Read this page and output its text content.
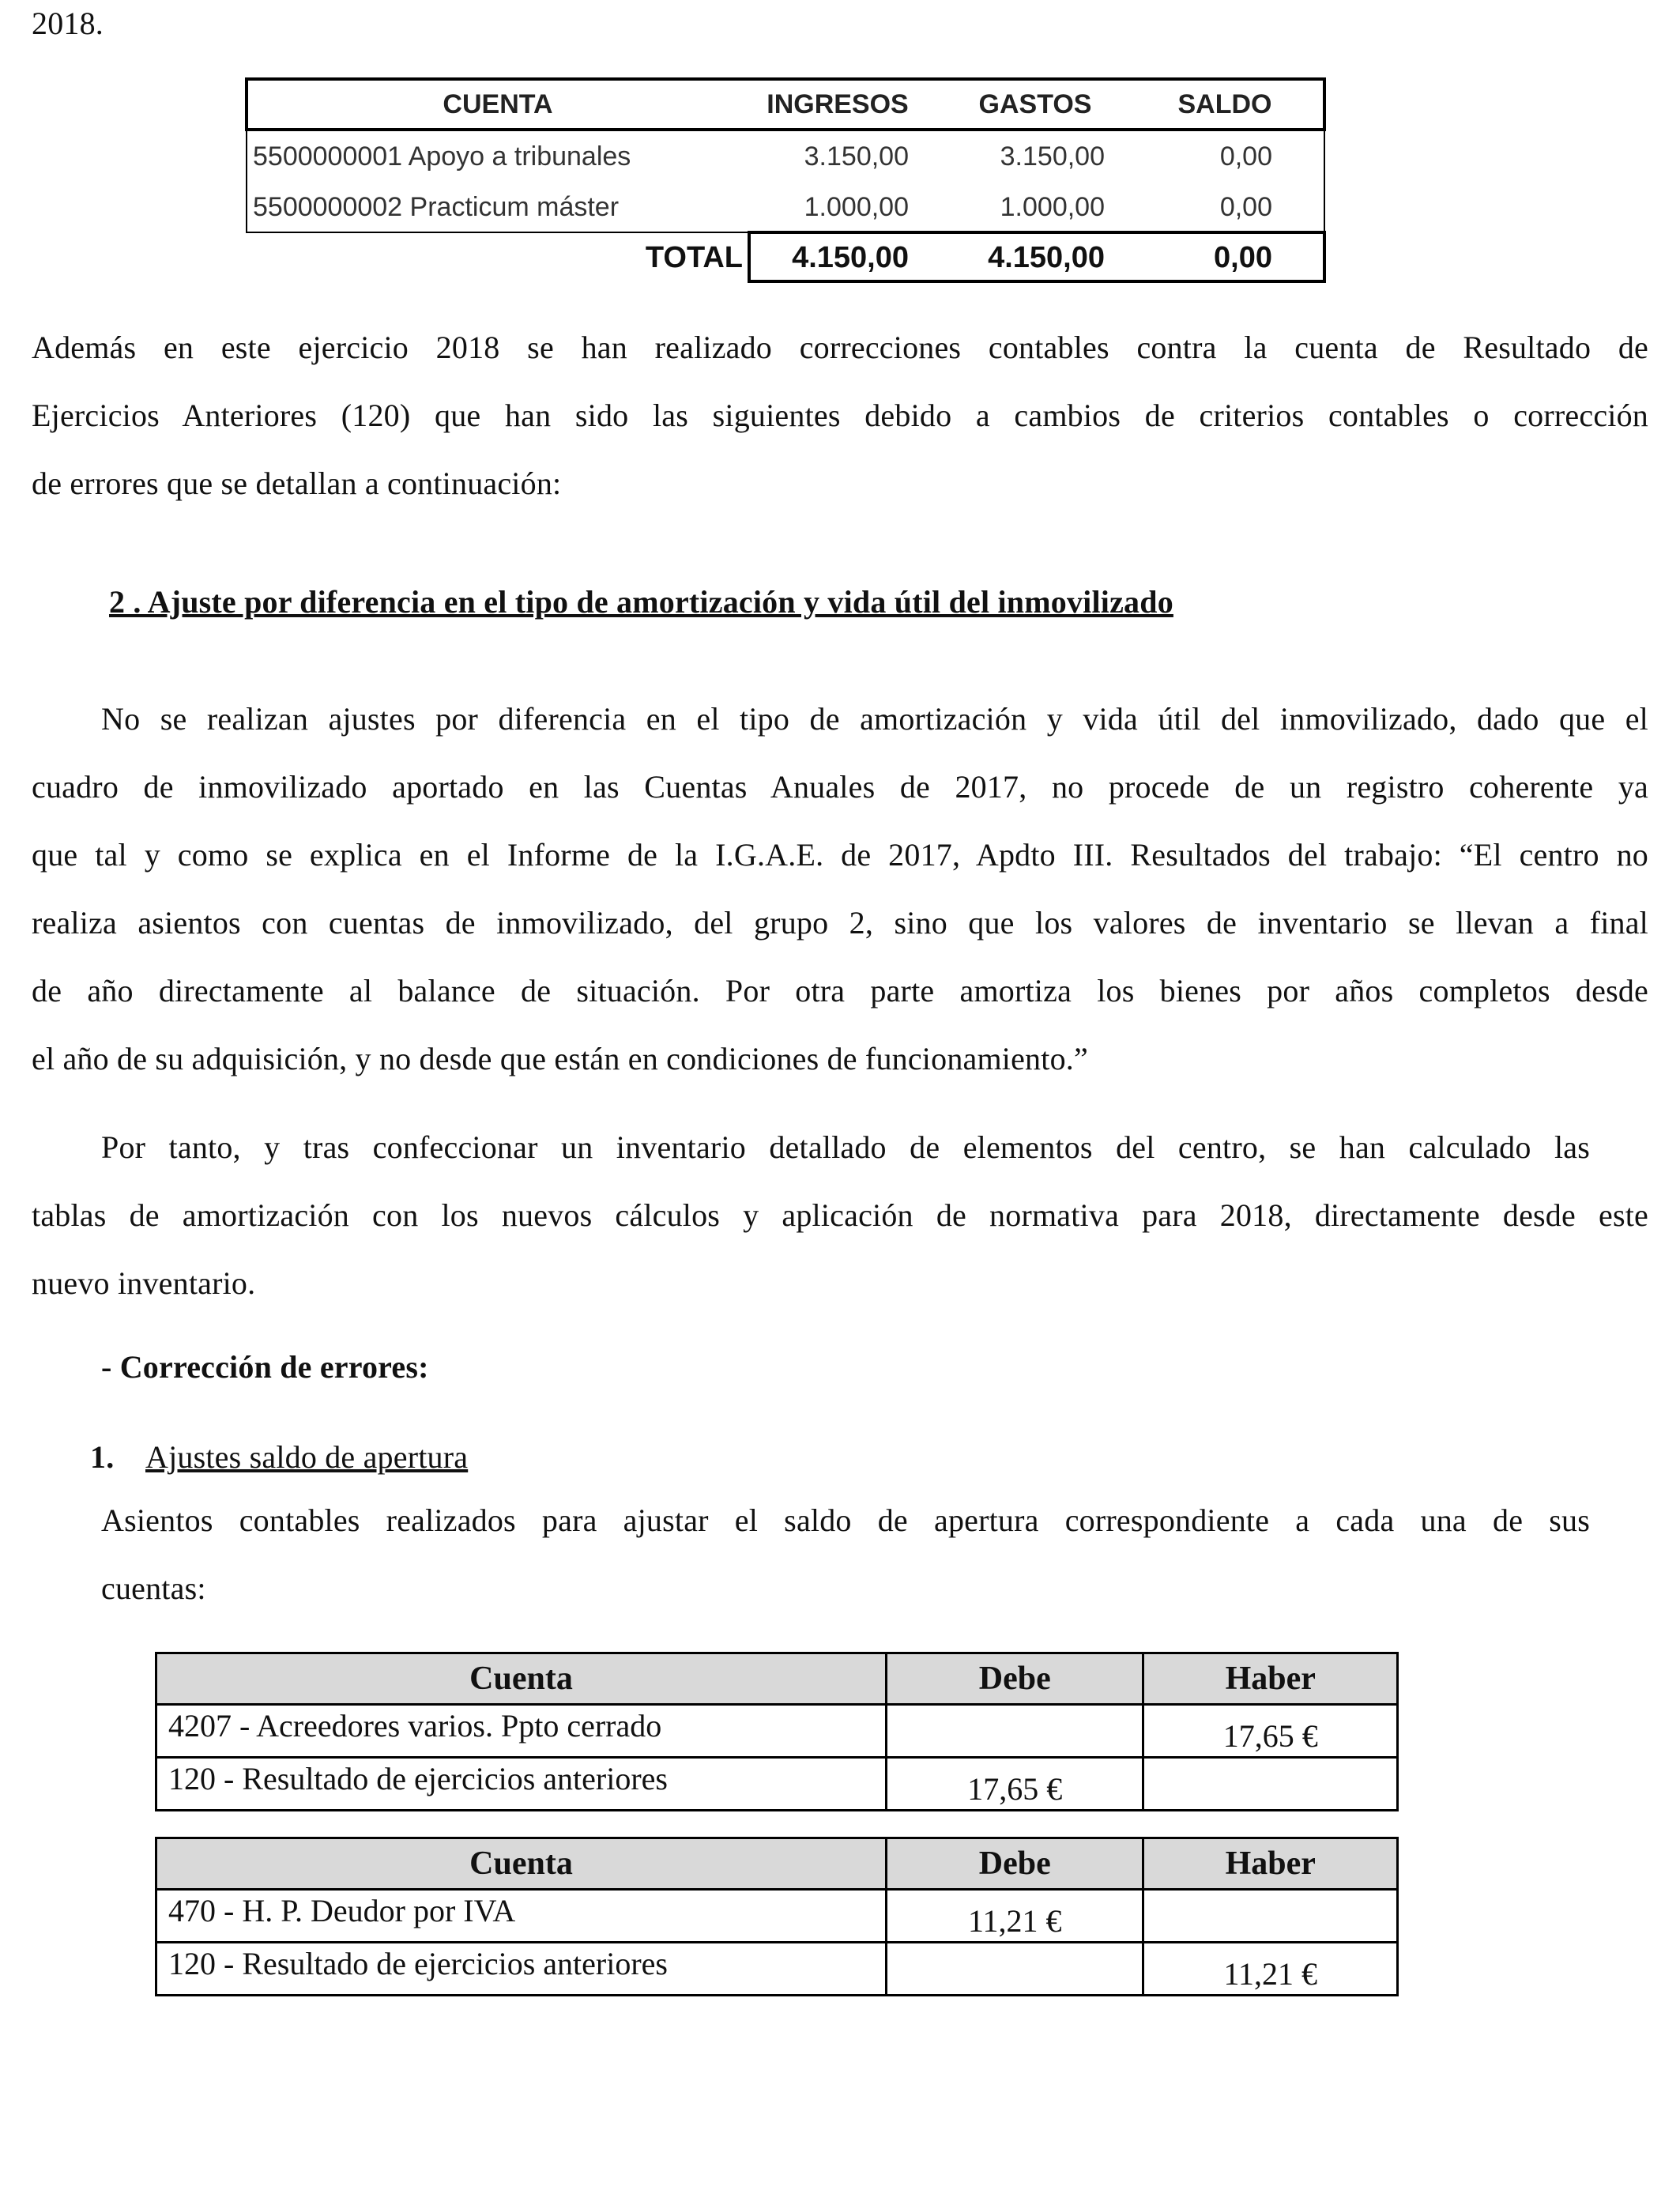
2018.
CUENTA	INGRESOS	GASTOS	SALDO
5500000001 Apoyo a tribunales	3.150,00	3.150,00	0,00
5500000002 Practicum máster	1.000,00	1.000,00	0,00
TOTAL	4.150,00	4.150,00	0,00
Además en este ejercicio 2018 se han realizado correcciones contables contra la cuenta de Resultado de
Ejercicios Anteriores (120) que han sido las siguientes debido a cambios de criterios contables o corrección
de errores que se detallan a continuación:
2 . Ajuste por diferencia en el tipo de amortización y vida útil del inmovilizado
No se realizan ajustes por diferencia en el tipo de amortización y vida útil del inmovilizado, dado que el
cuadro de inmovilizado aportado en las Cuentas Anuales de 2017, no procede de un registro coherente ya
que tal y como se explica en el Informe de la I.G.A.E. de 2017, Apdto III. Resultados del trabajo: “El centro no
realiza asientos con cuentas de inmovilizado, del grupo 2, sino que los valores de inventario se llevan a final
de año directamente al balance de situación. Por otra parte amortiza los bienes por años completos desde
el año de su adquisición, y no desde que están en condiciones de funcionamiento.”
Por tanto, y tras confeccionar un inventario detallado de elementos del centro, se han calculado las
tablas de amortización con los nuevos cálculos y aplicación de normativa para 2018, directamente desde este
nuevo inventario.
- Corrección de errores:
1. Ajustes saldo de apertura
Asientos contables realizados para ajustar el saldo de apertura correspondiente a cada una de sus
cuentas:
Cuenta	Debe	Haber
4207 - Acreedores varios. Ppto cerrado		17,65 €
120 - Resultado de ejercicios anteriores	17,65 €	
Cuenta	Debe	Haber
470 - H. P. Deudor por IVA	11,21 €	
120 - Resultado de ejercicios anteriores		11,21 €
